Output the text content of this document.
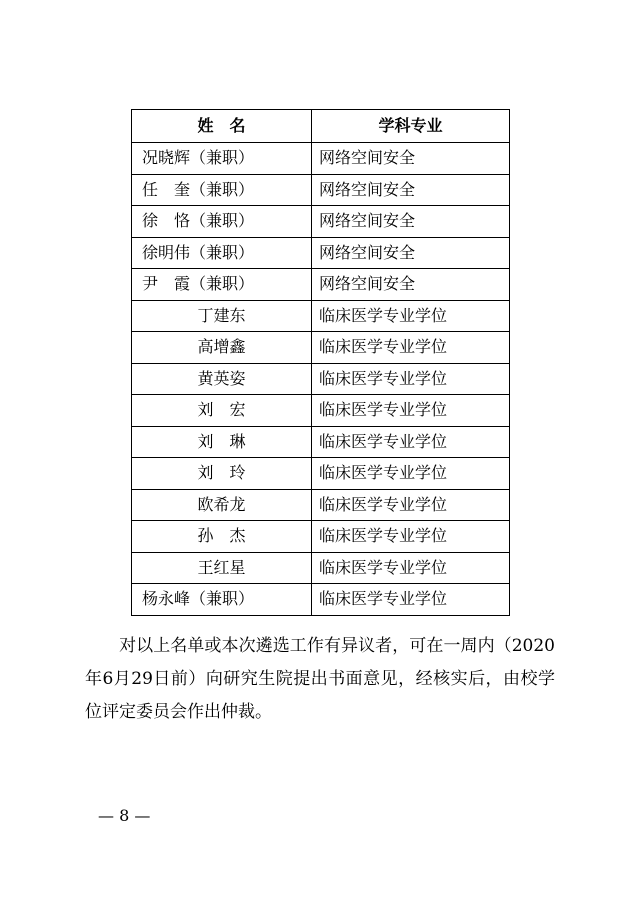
姓　名	学科专业
况晓辉（兼职）	网络空间安全
任　奎（兼职）	网络空间安全
徐　恪（兼职）	网络空间安全
徐明伟（兼职）	网络空间安全
尹　霞（兼职）	网络空间安全
丁建东	临床医学专业学位
高增鑫	临床医学专业学位
黄英姿	临床医学专业学位
刘　宏	临床医学专业学位
刘　琳	临床医学专业学位
刘　玲	临床医学专业学位
欧希龙	临床医学专业学位
孙　杰	临床医学专业学位
王红星	临床医学专业学位
杨永峰（兼职）	临床医学专业学位
对以上名单或本次遴选工作有异议者，可在一周内（2020年6月29日前）向研究生院提出书面意见，经核实后，由校学位评定委员会作出仲裁。
— 8 —
